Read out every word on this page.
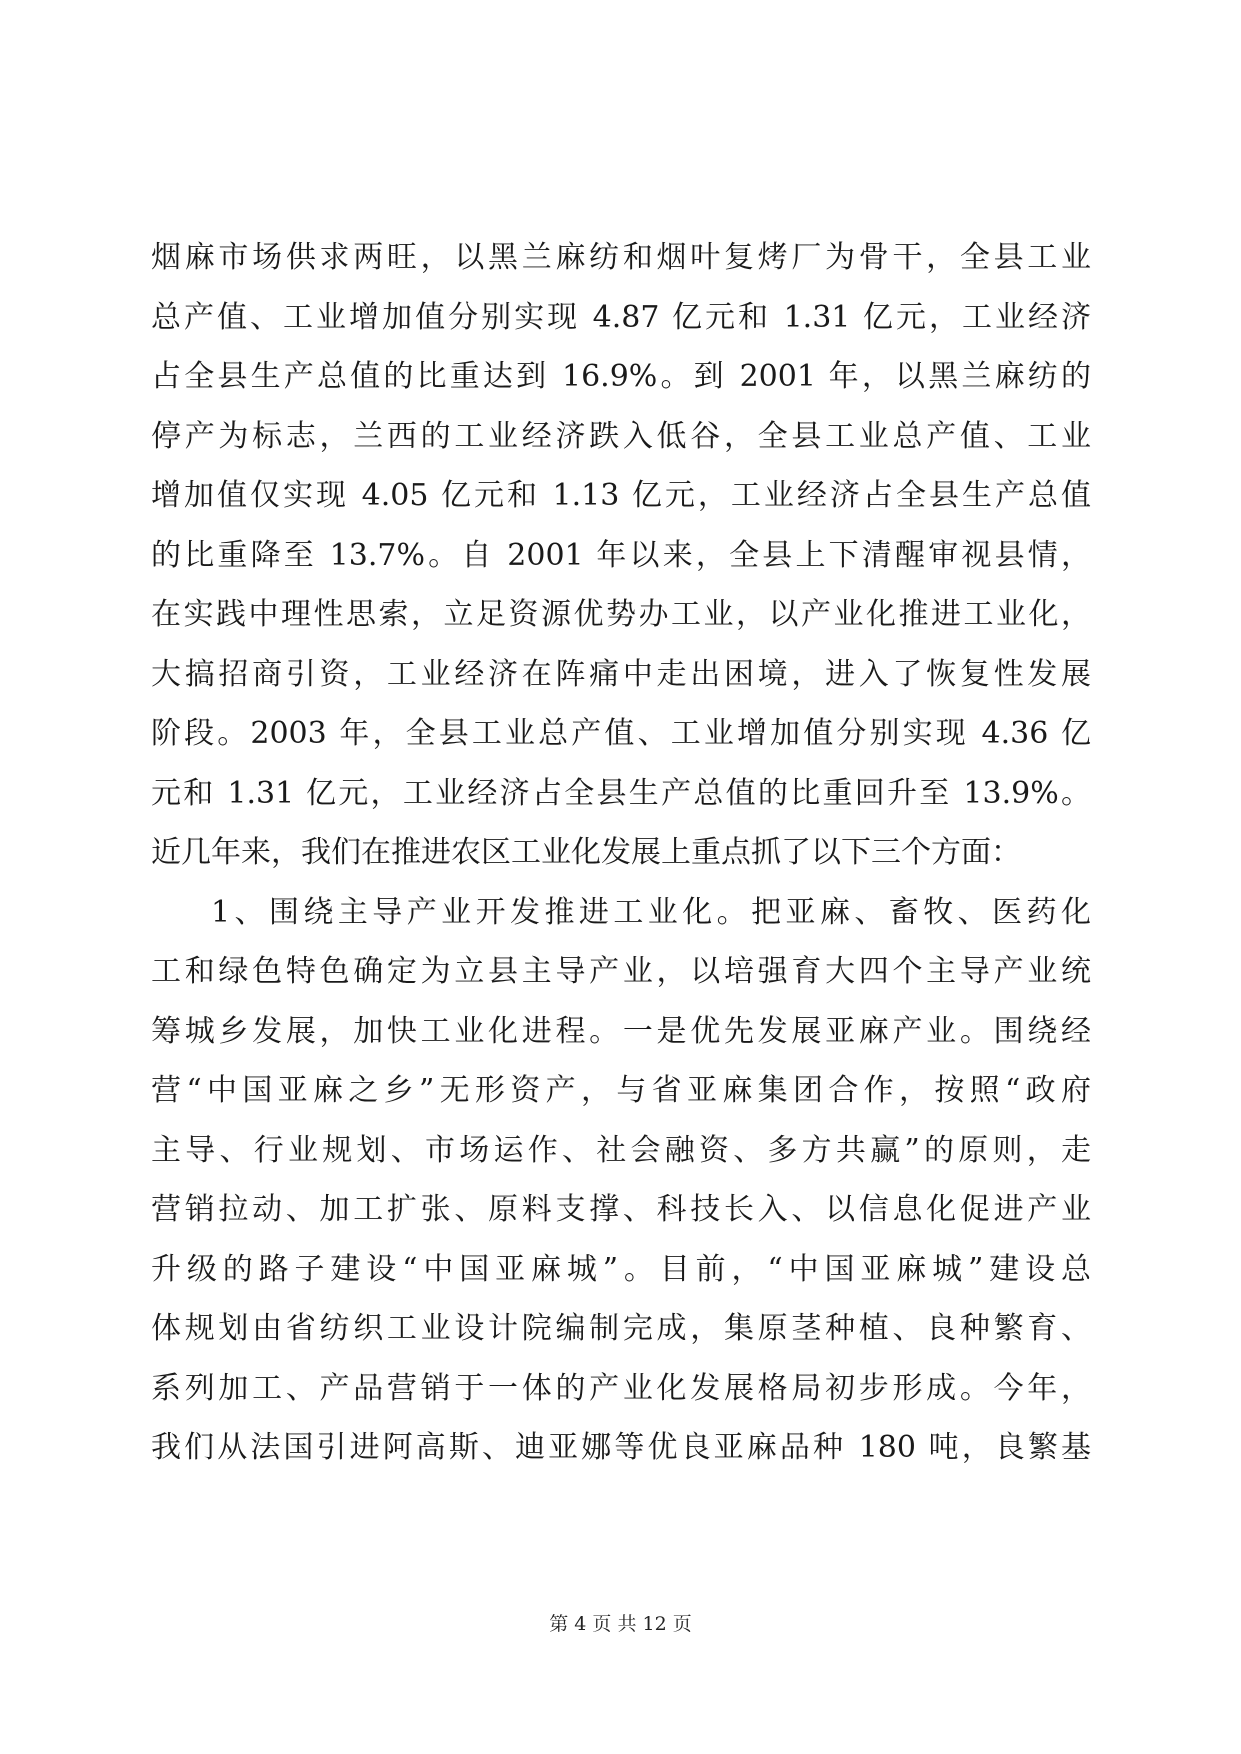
烟麻市场供求两旺，以黑兰麻纺和烟叶复烤厂为骨干，全县工业
总产值、工业增加值分别实现 4.87 亿元和 1.31 亿元，工业经济
占全县生产总值的比重达到 16.9%。到 2001 年，以黑兰麻纺的
停产为标志，兰西的工业经济跌入低谷，全县工业总产值、工业
增加值仅实现 4.05 亿元和 1.13 亿元，工业经济占全县生产总值
的比重降至 13.7%。自 2001 年以来，全县上下清醒审视县情，
在实践中理性思索，立足资源优势办工业，以产业化推进工业化，
大搞招商引资，工业经济在阵痛中走出困境，进入了恢复性发展
阶段。2003 年，全县工业总产值、工业增加值分别实现 4.36 亿
元和 1.31 亿元，工业经济占全县生产总值的比重回升至 13.9%。
近几年来，我们在推进农区工业化发展上重点抓了以下三个方面：
1、围绕主导产业开发推进工业化。把亚麻、畜牧、医药化
工和绿色特色确定为立县主导产业，以培强育大四个主导产业统
筹城乡发展，加快工业化进程。一是优先发展亚麻产业。围绕经
营“中国亚麻之乡”无形资产，与省亚麻集团合作，按照“政府
主导、行业规划、市场运作、社会融资、多方共赢”的原则，走
营销拉动、加工扩张、原料支撑、科技长入、以信息化促进产业
升级的路子建设“中国亚麻城”。目前，“中国亚麻城”建设总
体规划由省纺织工业设计院编制完成，集原茎种植、良种繁育、
系列加工、产品营销于一体的产业化发展格局初步形成。今年，
我们从法国引进阿高斯、迪亚娜等优良亚麻品种 180 吨，良繁基
第 4 页 共 12 页
